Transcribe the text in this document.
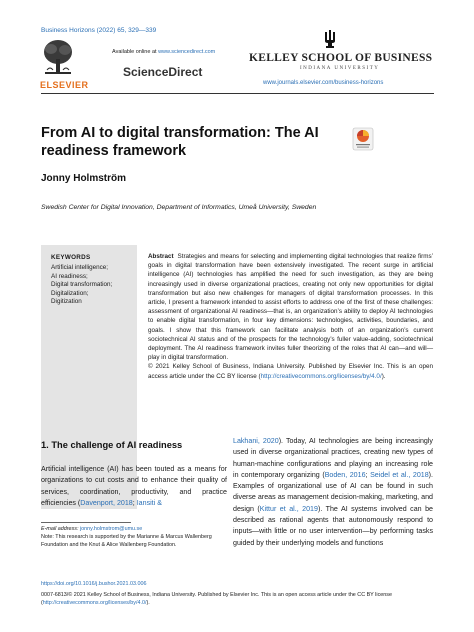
Business Horizons (2022) 65, 329—339
ELSEVIER
Available online at www.sciencedirect.com
ScienceDirect
KELLEY SCHOOL OF BUSINESS
INDIANA UNIVERSITY
www.journals.elsevier.com/business-horizons
From AI to digital transformation: The AI readiness framework
Jonny Holmström
Swedish Center for Digital Innovation, Department of Informatics, Umeå University, Sweden
KEYWORDS
Artificial intelligence;
AI readiness;
Digital transformation;
Digitalization;
Digitization
Abstract Strategies and means for selecting and implementing digital technologies that realize firms’ goals in digital transformation have been extensively investigated. The recent surge in artificial intelligence (AI) technologies has amplified the need for such investigation, as they are being increasingly used in diverse organizational practices, creating not only new opportunities for digital transformation but also new challenges for managers of digital transformation processes. In this article, I present a framework intended to assist efforts to address one of the first of these challenges: assessment of organizational AI readiness—that is, an organization’s ability to deploy AI technologies to enable digital transformation, in four key dimensions: technologies, activities, boundaries, and goals. I show that this framework can facilitate analysis both of an organization’s current sociotechnical AI status and of the prospects for the technology’s fuller value-adding, sociotechnical deployment. The AI readiness framework invites fuller theorizing of the roles that AI can—and will—play in digital transformation.
© 2021 Kelley School of Business, Indiana University. Published by Elsevier Inc. This is an open access article under the CC BY license (http://creativecommons.org/licenses/by/4.0/).
1. The challenge of AI readiness
Artificial intelligence (AI) has been touted as a means for organizations to cut costs and to enhance their quality of services, coordination, productivity, and practice efficiencies (Davenport, 2018; Iansiti &
Lakhani, 2020). Today, AI technologies are being increasingly used in diverse organizational practices, creating new types of human-machine configurations and playing an increasing role in contemporary organizing (Boden, 2016; Seidel et al., 2018). Examples of organizational use of AI can be found in such diverse areas as management decision-making, marketing, and design (Kittur et al., 2019). The AI systems involved can be described as rational agents that autonomously respond to inputs—with little or no user intervention—by performing tasks guided by their underlying models and functions
E-mail address: jonny.holmstrom@umu.se
Note: This research is supported by the Marianne & Marcus Wallenberg Foundation and the Knut & Alice Wallenberg Foundation.
https://doi.org/10.1016/j.bushor.2021.03.006
0007-6813/© 2021 Kelley School of Business, Indiana University. Published by Elsevier Inc. This is an open access article under the CC BY license (http://creativecommons.org/licenses/by/4.0/).
